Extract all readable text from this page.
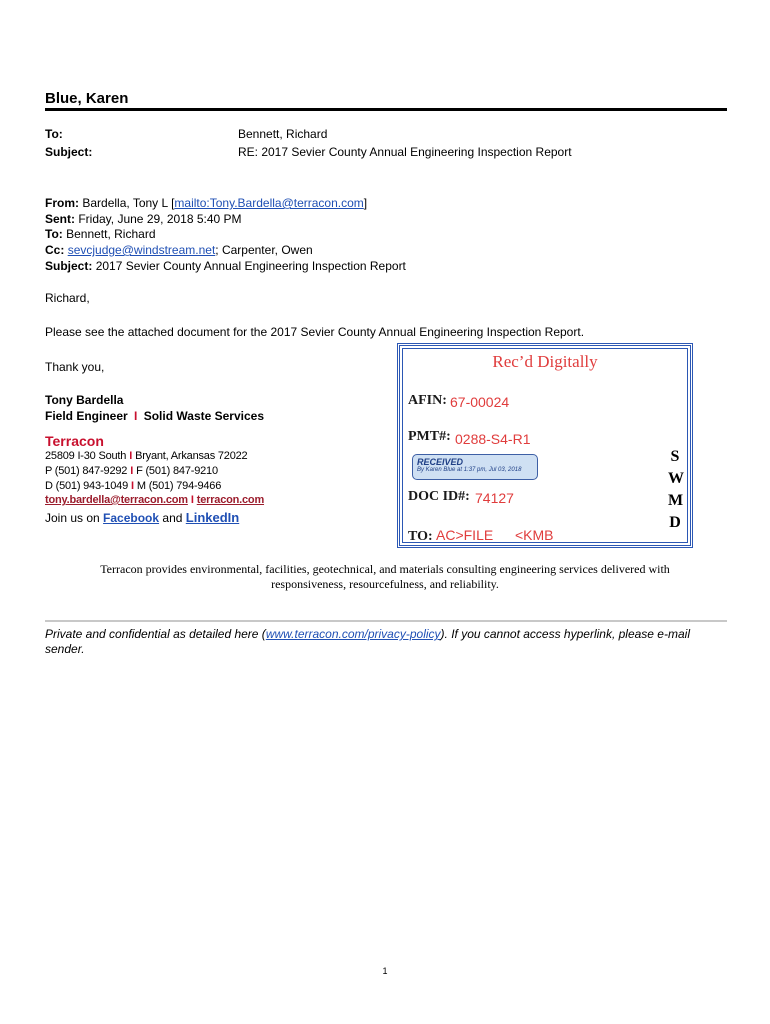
Blue, Karen
To:	Bennett, Richard
Subject:	RE: 2017 Sevier County Annual Engineering Inspection Report
From: Bardella, Tony L [mailto:Tony.Bardella@terracon.com]
Sent: Friday, June 29, 2018 5:40 PM
To: Bennett, Richard
Cc: sevcjudge@windstream.net; Carpenter, Owen
Subject: 2017 Sevier County Annual Engineering Inspection Report
Richard,
Please see the attached document for the 2017 Sevier County Annual Engineering Inspection Report.
Thank you,
Tony Bardella
Field Engineer I Solid Waste Services
Terracon
25809 I-30 South I Bryant, Arkansas 72022
P (501) 847-9292 I F (501) 847-9210
D (501) 943-1049 I M (501) 794-9466
tony.bardella@terracon.com I terracon.com
Join us on Facebook and LinkedIn
Rec’d Digitally
AFIN: 67-00024
PMT#: 0288-S4-R1
RECEIVED
By Karen Blue at 1:37 pm, Jul 03, 2018
DOC ID#: 74127
TO: AC>FILE <KMB
S
W
M
D
Terracon provides environmental, facilities, geotechnical, and materials consulting engineering services delivered with responsiveness, resourcefulness, and reliability.
Private and confidential as detailed here (www.terracon.com/privacy-policy). If you cannot access hyperlink, please e-mail sender.
1
